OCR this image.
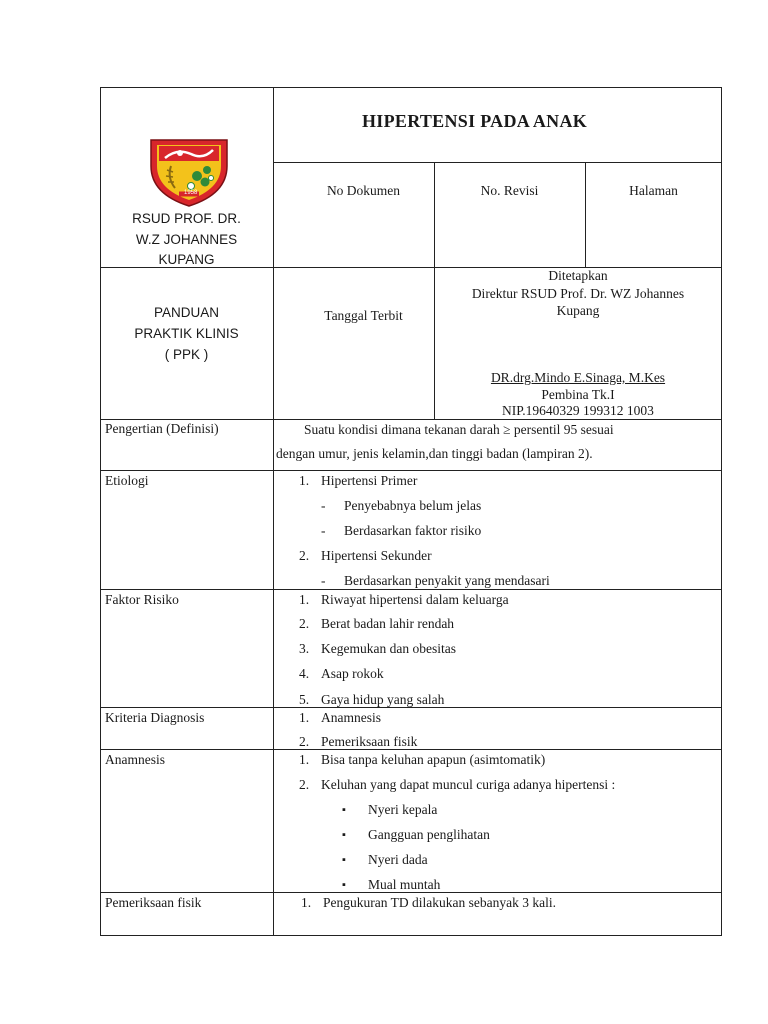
HIPERTENSI PADA ANAK
1958
RSUD PROF. DR.
W.Z JOHANNES
KUPANG
No Dokumen	No. Revisi	Halaman
PANDUAN
PRAKTIK KLINIS
( PPK )
Tanggal Terbit
Ditetapkan
Direktur RSUD Prof. Dr. WZ Johannes
Kupang
DR.drg.Mindo E.Sinaga, M.Kes
Pembina Tk.I
NIP.19640329 199312 1003
Pengertian (Definisi)	Suatu kondisi dimana tekanan darah ≥ persentil 95 sesuai
dengan umur, jenis kelamin,dan tinggi badan (lampiran 2).
Etiologi	1. Hipertensi Primer
- Penyebabnya belum jelas
- Berdasarkan faktor risiko
2. Hipertensi Sekunder
- Berdasarkan penyakit yang mendasari
Faktor Risiko	1. Riwayat hipertensi dalam keluarga
2. Berat badan lahir rendah
3. Kegemukan dan obesitas
4. Asap rokok
5. Gaya hidup yang salah
Kriteria Diagnosis	1. Anamnesis
2. Pemeriksaan fisik
Anamnesis	1. Bisa tanpa keluhan apapun (asimtomatik)
2. Keluhan yang dapat muncul curiga adanya hipertensi :
▪ Nyeri kepala
▪ Gangguan penglihatan
▪ Nyeri dada
▪ Mual muntah
Pemeriksaan fisik	1. Pengukuran TD dilakukan sebanyak 3 kali.
